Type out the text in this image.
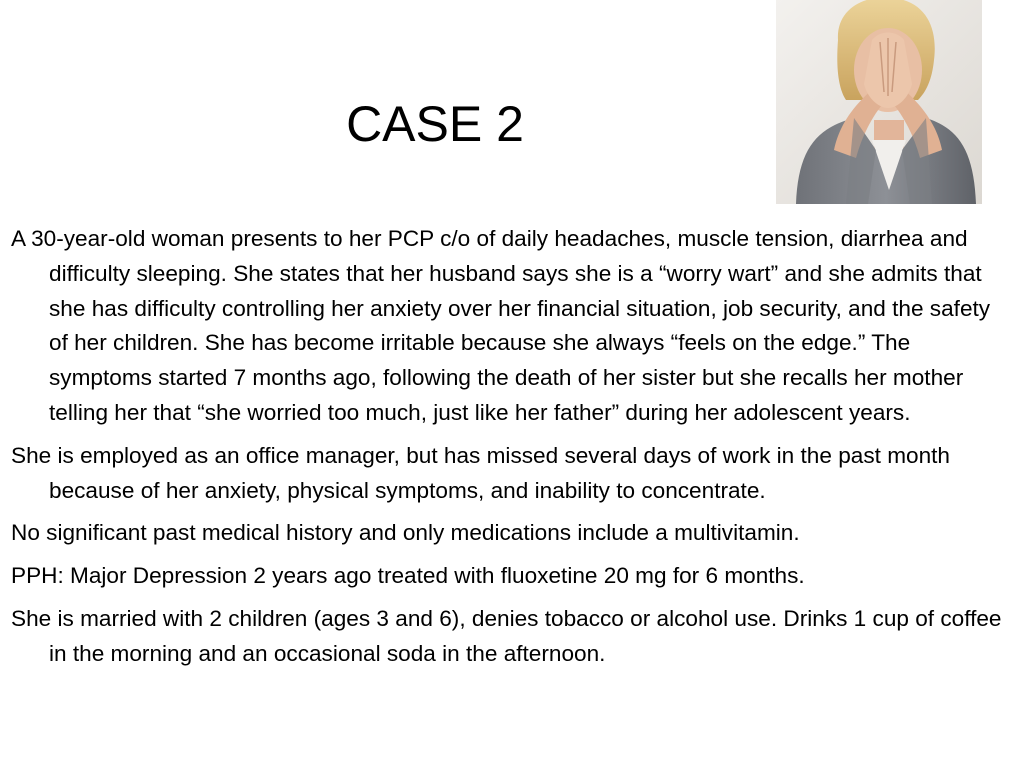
CASE 2
A 30-year-old woman presents to her PCP c/o of daily headaches, muscle tension, diarrhea and difficulty sleeping. She states that her husband says she is a “worry wart” and she admits that she has difficulty controlling her anxiety over her financial situation, job security, and the safety of her children. She has become irritable because she always “feels on the edge.” The symptoms started 7 months ago, following the death of her sister but she recalls her mother telling her that “she worried too much, just like her father” during her adolescent years.
She is employed as an office manager, but has missed several days of work in the past month because of her anxiety, physical symptoms, and inability to concentrate.
No significant past medical history and only medications include a multivitamin.
PPH: Major Depression 2 years ago treated with fluoxetine 20 mg for 6 months.
She is married with 2 children (ages 3 and 6), denies tobacco or alcohol use. Drinks 1 cup of coffee in the morning and an occasional soda in the afternoon.
